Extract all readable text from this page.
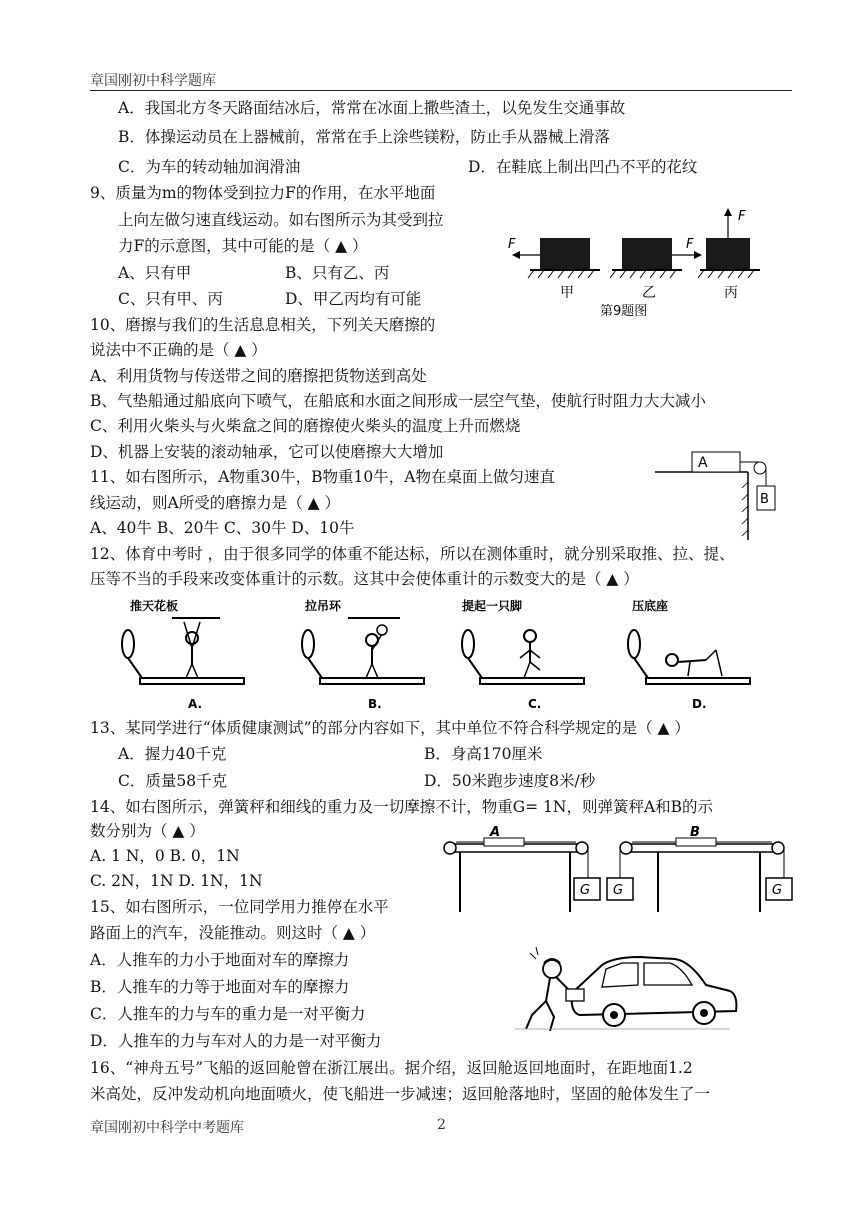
章国刚初中科学题库
A．我国北方冬天路面结冰后，常常在冰面上撒些渣土，以免发生交通事故
B．体操运动员在上器械前，常常在手上涂些镁粉，防止手从器械上滑落
C．为车的转动轴加润滑油	D．在鞋底上制出凹凸不平的花纹
9、质量为m的物体受到拉力F的作用，在水平地面
上向左做匀速直线运动。如右图所示为其受到拉
力F的示意图，其中可能的是（ ▲ ）
A、只有甲	B、只有乙、丙
C、只有甲、丙	D、甲乙丙均有可能
F
甲
F
乙
F
丙
第9题图
10、磨擦与我们的生活息息相关，下列关天磨擦的
说法中不正确的是（ ▲ ）
A、利用货物与传送带之间的磨擦把货物送到高处
B、气垫船通过船底向下喷气，在船底和水面之间形成一层空气垫，使航行时阻力大大减小
C、利用火柴头与火柴盒之间的磨擦使火柴头的温度上升而燃烧
D、机器上安装的滚动轴承，它可以使磨擦大大增加
11、如右图所示，A物重30牛，B物重10牛，A物在桌面上做匀速直
线运动，则A所受的磨擦力是（ ▲ ）
A、40牛 B、20牛 C、30牛 D、10牛
A
B
12、体育中考时 ，由于很多同学的体重不能达标，所以在测体重时，就分别采取推、拉、提、
压等不当的手段来改变体重计的示数。这其中会使体重计的示数变大的是（ ▲ ）
推天花板
A.
拉吊环
B.
提起一只脚
C.
压底座
D.
13、某同学进行“体质健康测试”的部分内容如下，其中单位不符合科学规定的是（ ▲ ）
A．握力40千克	B．身高170厘米
C．质量58千克	D．50米跑步速度8米/秒
14、如右图所示，弹簧秤和细线的重力及一切摩擦不计，物重G= 1N，则弹簧秤A和B的示
数分别为（ ▲ ）
A. 1 N，0 B. 0，1N
C. 2N，1N D. 1N，1N
A
G
B
G	G
15、如右图所示，一位同学用力推停在水平
路面上的汽车，没能推动。则这时（ ▲ ）
A．人推车的力小于地面对车的摩擦力
B．人推车的力等于地面对车的摩擦力
C．人推车的力与车的重力是一对平衡力
D．人推车的力与车对人的力是一对平衡力
16、“神舟五号”飞船的返回舱曾在浙江展出。据介绍，返回舱返回地面时，在距地面1.2
米高处，反冲发动机向地面喷火，使飞船进一步减速；返回舱落地时，坚固的舱体发生了一
章国刚初中科学中考题库	2
